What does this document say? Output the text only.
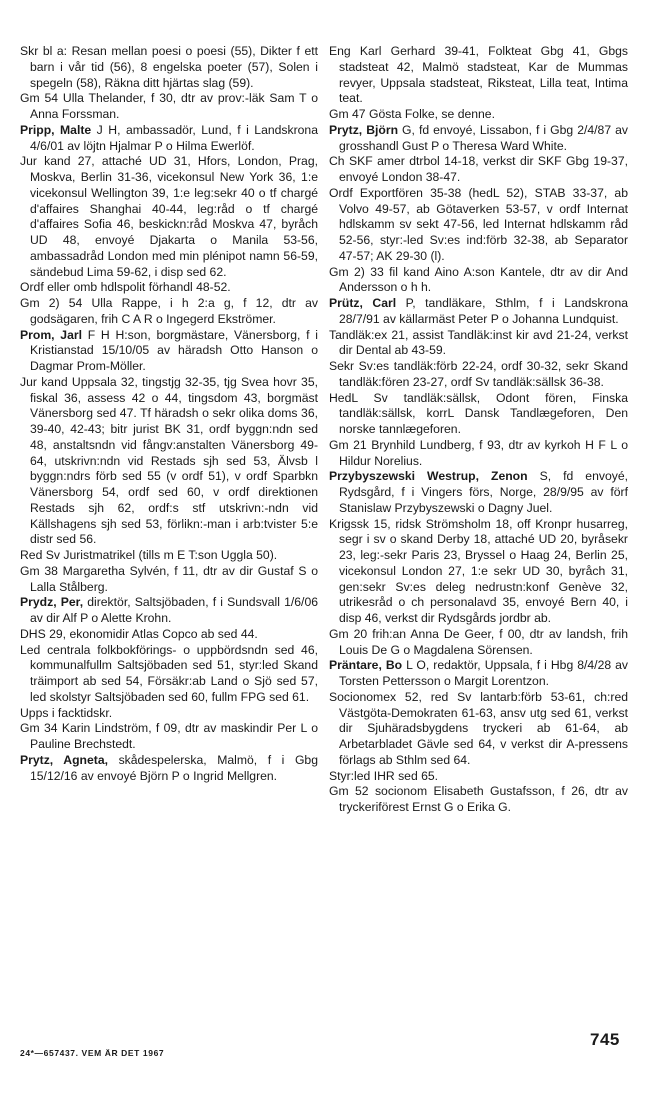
Skr bl a: Resan mellan poesi o poesi (55), Dikter f ett barn i vår tid (56), 8 engelska poeter (57), Solen i spegeln (58), Räkna ditt hjärtas slag (59).

Gm 54 Ulla Thelander, f 30, dtr av prov:-läk Sam T o Anna Forssman.

Pripp, Malte J H, ambassadör, Lund, f i Landskrona 4/6/01 av löjtn Hjalmar P o Hilma Ewerlöf.

Jur kand 27, attaché UD 31, Hfors, London, Prag, Moskva, Berlin 31-36, vicekonsul New York 36, 1:e vicekonsul Wellington 39, 1:e leg:sekr 40 o tf chargé d'affaires Shanghai 40-44, leg:råd o tf chargé d'affaires Sofia 46, beskickn:råd Moskva 47, byråch UD 48, envoyé Djakarta o Manila 53-56, ambassadråd London med min plénipot namn 56-59, sändebud Lima 59-62, i disp sed 62.

Ordf eller omb hdlspolit förhandl 48-52.

Gm 2) 54 Ulla Rappe, i h 2:a g, f 12, dtr av godsägaren, frih C A R o Ingegerd Ekströmer.

Prom, Jarl F H H:son, borgmästare, Vänersborg, f i Kristianstad 15/10/05 av häradsh Otto Hanson o Dagmar Prom-Möller.

Jur kand Uppsala 32, tingstjg 32-35, tjg Svea hovr 35, fiskal 36, assess 42 o 44, tingsdom 43, borgmäst Vänersborg sed 47. Tf häradsh o sekr olika doms 36, 39-40, 42-43; bitr jurist BK 31, ordf byggn:ndn sed 48, anstaltsndn vid fångv:anstalten Vänersborg 49-64, utskrivn:ndn vid Restads sjh sed 53, Älvsb l byggn:ndrs förb sed 55 (v ordf 51), v ordf Sparbkn Vänersborg 54, ordf sed 60, v ordf direktionen Restads sjh 62, ordf:s stf utskrivn:-ndn vid Källshagens sjh sed 53, förlikn:-man i arb:tvister 5:e distr sed 56.

Red Sv Juristmatrikel (tills m E T:son Uggla 50).

Gm 38 Margaretha Sylvén, f 11, dtr av dir Gustaf S o Lalla Stålberg.

Prydz, Per, direktör, Saltsjöbaden, f i Sundsvall 1/6/06 av dir Alf P o Alette Krohn.

DHS 29, ekonomidir Atlas Copco ab sed 44.

Led centrala folkbokförings- o uppbördsndn sed 46, kommunalfullm Saltsjöbaden sed 51, styr:led Skand träimport ab sed 54, Försäkr:ab Land o Sjö sed 57, led skolstyr Saltsjöbaden sed 60, fullm FPG sed 61.

Upps i facktidskr.

Gm 34 Karin Lindström, f 09, dtr av maskindir Per L o Pauline Brechstedt.

Prytz, Agneta, skådespelerska, Malmö, f i Gbg 15/12/16 av envoyé Björn P o Ingrid Mellgren.

Eng Karl Gerhard 39-41, Folkteat Gbg 41, Gbgs stadsteat 42, Malmö stadsteat, Kar de Mummas revyer, Uppsala stadsteat, Riksteat, Lilla teat, Intima teat.

Gm 47 Gösta Folke, se denne.

Prytz, Björn G, fd envoyé, Lissabon, f i Gbg 2/4/87 av grosshandl Gust P o Theresa Ward White.

Ch SKF amer dtrbol 14-18, verkst dir SKF Gbg 19-37, envoyé London 38-47.

Ordf Exportfören 35-38 (hedL 52), STAB 33-37, ab Volvo 49-57, ab Götaverken 53-57, v ordf Internat hdlskamm sv sekt 47-56, led Internat hdlskamm råd 52-56, styr:-led Sv:es ind:förb 32-38, ab Separator 47-57; AK 29-30 (l).

Gm 2) 33 fil kand Aino A:son Kantele, dtr av dir And Andersson o h h.

Prütz, Carl P, tandläkare, Sthlm, f i Landskrona 28/7/91 av källarmäst Peter P o Johanna Lundquist.

Tandläk:ex 21, assist Tandläk:inst kir avd 21-24, verkst dir Dental ab 43-59.

Sekr Sv:es tandläk:förb 22-24, ordf 30-32, sekr Skand tandläk:fören 23-27, ordf Sv tandläk:sällsk 36-38.

HedL Sv tandläk:sällsk, Odont fören, Finska tandläk:sällsk, korrL Dansk Tandlægeforen, Den norske tannlægeforen.

Gm 21 Brynhild Lundberg, f 93, dtr av kyrkoh H F L o Hildur Norelius.

Przybyszewski Westrup, Zenon S, fd envoyé, Rydsgård, f i Vingers förs, Norge, 28/9/95 av förf Stanislaw Przybyszewski o Dagny Juel.

Krigssk 15, ridsk Strömsholm 18, off Kronpr husarreg, segr i sv o skand Derby 18, attaché UD 20, byråsekr 23, leg:-sekr Paris 23, Bryssel o Haag 24, Berlin 25, vicekonsul London 27, 1:e sekr UD 30, byråch 31, gen:sekr Sv:es deleg nedrustn:konf Genève 32, utrikesråd o ch personalavd 35, envoyé Bern 40, i disp 46, verkst dir Rydsgårds jordbr ab.

Gm 20 frih:an Anna De Geer, f 00, dtr av landsh, frih Louis De G o Magdalena Sörensen.

Präntare, Bo L O, redaktör, Uppsala, f i Hbg 8/4/28 av Torsten Pettersson o Margit Lorentzon.

Socionomex 52, red Sv lantarb:förb 53-61, ch:red Västgöta-Demokraten 61-63, ansv utg sed 61, verkst dir Sjuhäradsbygdens tryckeri ab 61-64, ab Arbetarbladet Gävle sed 64, v verkst dir A-pressens förlags ab Sthlm sed 64.

Styr:led IHR sed 65.

Gm 52 socionom Elisabeth Gustafsson, f 26, dtr av tryckeriförest Ernst G o Erika G.

24*—657437. VEM ÄR DET 1967
745
